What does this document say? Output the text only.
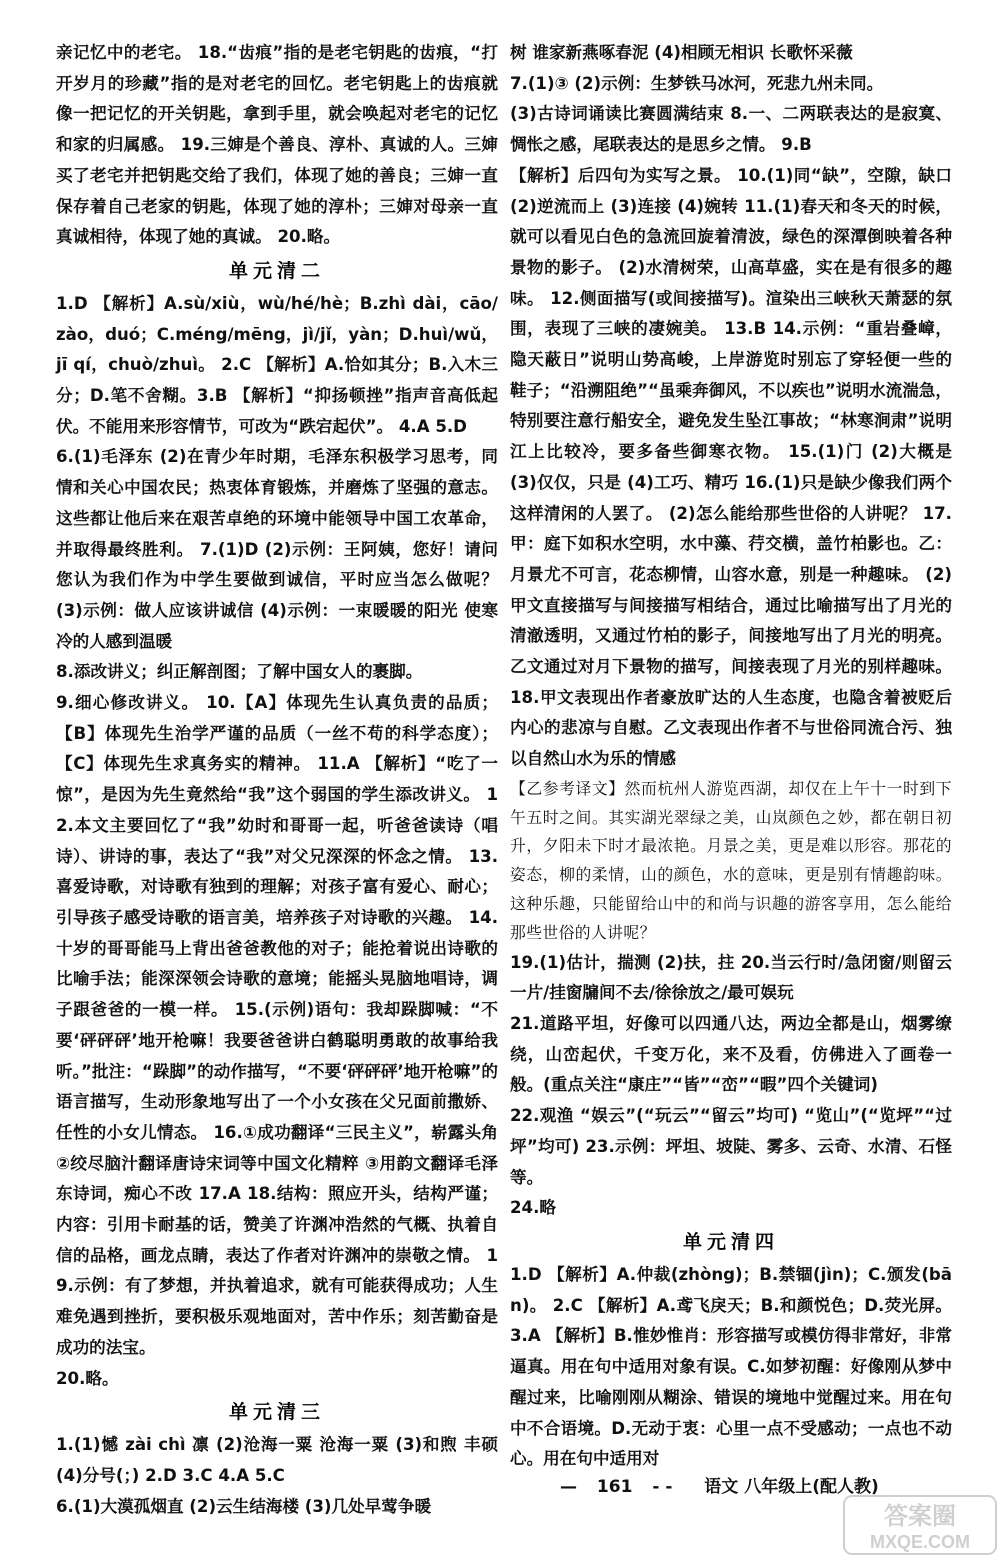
亲记忆中的老宅。 18.“齿痕”指的是老宅钥匙的齿痕，“打开岁月的珍藏”指的是对老宅的回忆。老宅钥匙上的齿痕就像一把记忆的开关钥匙，拿到手里，就会唤起对老宅的记忆和家的归属感。 19.三婶是个善良、淳朴、真诚的人。三婶买了老宅并把钥匙交给了我们，体现了她的善良；三婶一直保存着自己老家的钥匙，体现了她的淳朴；三婶对母亲一直真诚相待，体现了她的真诚。 20.略。

单元清二

1.D 【解析】A.sù/xiù，wù/hé/hè；B.zhì dài，cāo/zào，duó；C.méng/mēng，jì/jǐ，yàn；D.huì/wǔ，jī qí，chuò/zhuì。 2.C 【解析】A.恰如其分；B.入木三分；D.笔不舍糊。3.B 【解析】“抑扬顿挫”指声音高低起伏。不能用来形容情节，可改为“跌宕起伏”。 4.A 5.D

6.(1)毛泽东 (2)在青少年时期，毛泽东积极学习思考，同情和关心中国农民；热衷体育锻炼，并磨炼了坚强的意志。这些都让他后来在艰苦卓绝的环境中能领导中国工农革命，并取得最终胜利。 7.(1)D (2)示例：王阿姨，您好！请问您认为我们作为中学生要做到诚信，平时应当怎么做呢？ (3)示例：做人应该讲诚信 (4)示例：一束暖暖的阳光 使寒冷的人感到温暖

8.添改讲义；纠正解剖图；了解中国女人的裹脚。

9.细心修改讲义。 10.【A】体现先生认真负责的品质；【B】体现先生治学严谨的品质（一丝不苟的科学态度）；【C】体现先生求真务实的精神。 11.A 【解析】“吃了一惊”，是因为先生竟然给“我”这个弱国的学生添改讲义。 12.本文主要回忆了“我”幼时和哥哥一起，听爸爸读诗（唱诗）、讲诗的事，表达了“我”对父兄深深的怀念之情。 13.喜爱诗歌，对诗歌有独到的理解；对孩子富有爱心、耐心；引导孩子感受诗歌的语言美，培养孩子对诗歌的兴趣。 14.十岁的哥哥能马上背出爸爸教他的对子；能抢着说出诗歌的比喻手法；能深深领会诗歌的意境；能摇头晃脑地唱诗，调子跟爸爸的一模一样。 15.(示例)语句：我却跺脚喊：“不要‘砰砰砰’地开枪嘛！我要爸爸讲白鹤聪明勇敢的故事给我听。”批注：“跺脚”的动作描写，“不要‘砰砰砰’地开枪嘛”的语言描写，生动形象地写出了一个小女孩在父兄面前撒娇、任性的小女儿情态。 16.①成功翻译“三民主义”，崭露头角 ②绞尽脑汁翻译唐诗宋词等中国文化精粹 ③用韵文翻译毛泽东诗词，痴心不改 17.A 18.结构：照应开头，结构严谨；内容：引用卡耐基的话，赞美了许渊冲浩然的气概、执着自信的品格，画龙点睛，表达了作者对许渊冲的崇敬之情。 19.示例：有了梦想，并执着追求，就有可能获得成功；人生难免遇到挫折，要积极乐观地面对，苦中作乐；刻苦勤奋是成功的法宝。

20.略。

单元清三

1.(1)憾 zài chì 凛 (2)沧海一粟 沧海一粟 (3)和煦 丰硕 (4)分号(；) 2.D 3.C 4.A 5.C

6.(1)大漠孤烟直 (2)云生结海楼 (3)几处早莺争暖

树 谁家新燕啄春泥 (4)相顾无相识 长歌怀采薇

7.(1)③ (2)示例：生梦铁马冰河，死悲九州未同。

(3)古诗词诵读比赛圆满结束 8.一、二两联表达的是寂寞、惆怅之感，尾联表达的是思乡之情。 9.B

【解析】后四句为实写之景。 10.(1)同“缺”，空隙，缺口 (2)逆流而上 (3)连接 (4)婉转 11.(1)春天和冬天的时候，就可以看见白色的急流回旋着清波，绿色的深潭倒映着各种景物的影子。 (2)水清树荣，山高草盛，实在是有很多的趣味。 12.侧面描写(或间接描写)。渲染出三峡秋天萧瑟的氛围，表现了三峡的凄婉美。 13.B 14.示例：“重岩叠嶂，隐天蔽日”说明山势高峻，上岸游览时别忘了穿轻便一些的鞋子；“沿溯阻绝”“虽乘奔御风，不以疾也”说明水流湍急，特别要注意行船安全，避免发生坠江事故；“林寒涧肃”说明江上比较冷，要多备些御寒衣物。 15.(1)门 (2)大概是 (3)仅仅，只是 (4)工巧、精巧 16.(1)只是缺少像我们两个这样清闲的人罢了。 (2)怎么能给那些世俗的人讲呢？ 17.甲：庭下如积水空明，水中藻、荇交横，盖竹柏影也。乙：月景尤不可言，花态柳情，山容水意，别是一种趣味。 (2)甲文直接描写与间接描写相结合，通过比喻描写出了月光的清澈透明，又通过竹柏的影子，间接地写出了月光的明亮。乙文通过对月下景物的描写，间接表现了月光的别样趣味。 18.甲文表现出作者豪放旷达的人生态度，也隐含着被贬后内心的悲凉与自慰。乙文表现出作者不与世俗同流合污、独以自然山水为乐的情感

【乙参考译文】然而杭州人游览西湖，却仅在上午十一时到下午五时之间。其实湖光翠绿之美，山岚颜色之妙，都在朝日初升，夕阳未下时才最浓艳。月景之美，更是难以形容。那花的姿态，柳的柔情，山的颜色，水的意味，更是别有情趣韵味。这种乐趣，只能留给山中的和尚与识趣的游客享用，怎么能给那些世俗的人讲呢？

19.(1)估计，揣测 (2)扶，拄 20.当云行时/急闭窗/则留云一片/挂窗牖间不去/徐徐放之/最可娱玩

21.道路平坦，好像可以四通八达，两边全都是山，烟雾缭绕，山峦起伏，千变万化，来不及看，仿佛进入了画卷一般。(重点关注“康庄”“皆”“峦”“暇”四个关键词)

22.观渔 “娱云”(“玩云”“留云”均可) “览山”(“览坪”“过坪”均可) 23.示例：坪坦、坡陡、雾多、云奇、水清、石怪等。

24.略

单元清四

1.D 【解析】A.仲裁(zhòng)；B.禁锢(jìn)；C.颁发(bān)。 2.C 【解析】A.鸢飞戾天；B.和颜悦色；D.荧光屏。 3.A 【解析】B.惟妙惟肖：形容描写或模仿得非常好，非常逼真。用在句中适用对象有误。C.如梦初醒：好像刚从梦中醒过来，比喻刚刚从糊涂、错误的境地中觉醒过来。用在句中不合语境。D.无动于衷：心里一点不受感动；一点也不动心。用在句中适用对

— 161 - - 语文 八年级上(配人教)
答案圈
MXQE.COM
